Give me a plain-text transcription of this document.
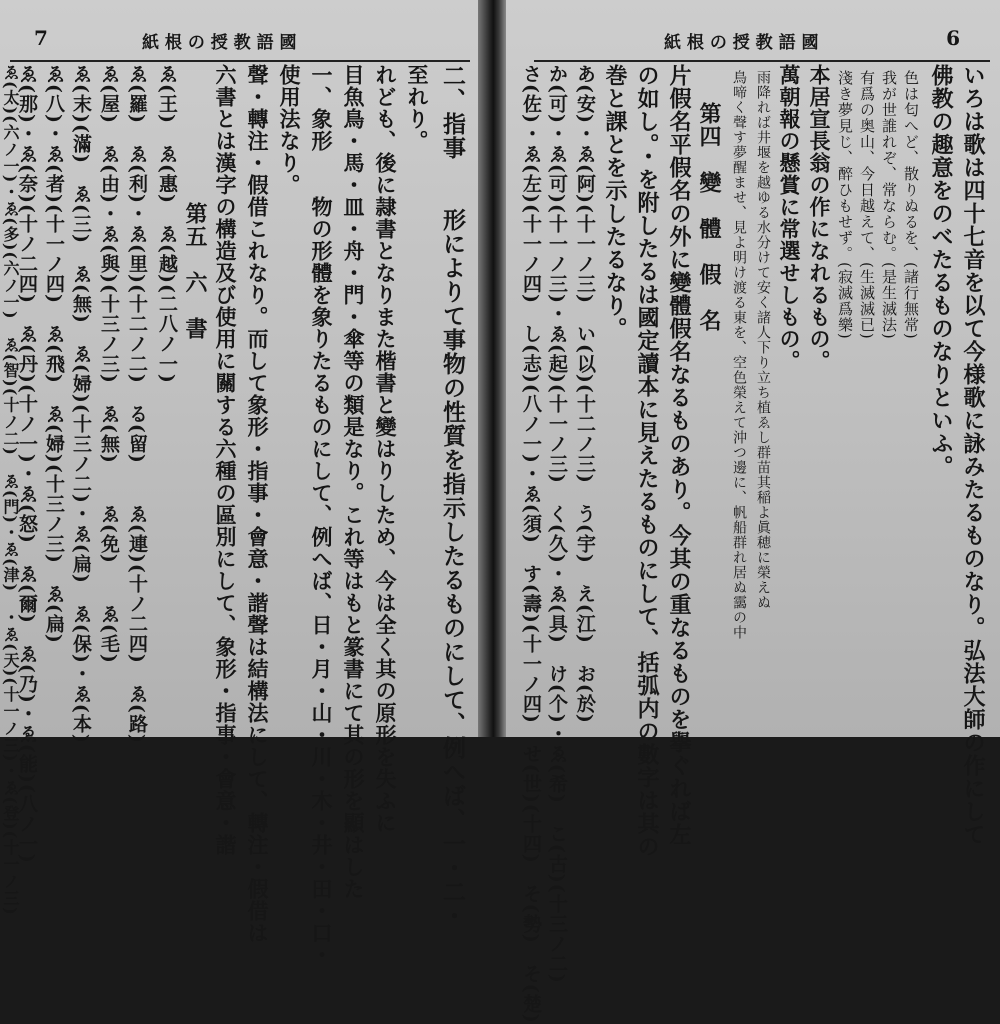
7	紙 根 の 授 教 語 國
二、指事　　形によりて事物の性質を指示したるものにして、例へば、一・二・
至れり。
れども、後に隷書となりまた楷書と變はりしため、今は全く其の原形を失ふに
目魚鳥・馬・皿・舟・門・傘等の類是なり。これ等はもと篆書にて其の形を顯はした
一、象形　　物の形體を象りたるものにして、例へば、日・月・山・川・木・井・田・口・
使用法なり。
聲・轉注・假借これなり。而して象形・指事・會意・諧聲は結構法にして、轉注・假借は
六書とは漢字の構造及び使用に關する六種の區別にして、象形・指事・會意・諧
第五　六　書
ゑ(王)　ゑ(惠)　ゑ(越)(二八ノ一)
ゑ(羅)　ゑ(利)・ゑ(里)(十二ノ二)　る(留)　　ゑ(連)(十ノ二四)　ゑ(路)
ゑ(屋)　ゑ(由)・ゑ(與)(十三ノ三)　ゑ(無)　　ゑ(免)　　ゑ(毛)
ゑ(末)(滿)　ゑ(三)　ゑ(無)　ゑ(婦)(十三ノ二)・ゑ(扁)　ゑ(保)・ゑ(本)
ゑ(八)・ゑ(者)(十一ノ四)　ゑ(飛)　ゑ(婦)(十三ノ三)　ゑ(扁)
ゑ(那)・ゑ(奈)(十ノ二四)　ゑ(丹)(十ノ一)・ゑ(怒)　ゑ(爾)　ゑ(乃)・ゑ(能)(八ノ一)
ゑ(太)(六ノ一)・ゑ(多)(六ノ一)　ゑ(智)(十ノ二)　ゑ(門)・ゑ(津)　・ゑ(天)(十一ノ三)・ゑ(登)(十一ノ三)
紙 根 の 授 教 語 國	6
いろは歌は四十七音を以て今様歌に詠みたるものなり。弘法大師の作にして
佛教の趣意をのべたるものなりといふ。
色は匂へど、散りぬるを、(諸行無常)
我が世誰れぞ、常ならむ。(是生滅法)
有爲の奥山、今日越えて、(生滅滅已)
淺き夢見じ、醉ひもせず。(寂滅爲樂)
本居宣長翁の作になれるもの。
萬朝報の懸賞に常選せしもの。
雨降れば井堰を越ゆる水分けて安く諸人下り立ち植ゑし群苗其稲よ眞穂に榮えぬ
鳥啼く聲す夢醒ませ、見よ明け渡る東を、空色榮えて沖つ邊に、帆船群れ居ぬ靄の中
第四　變　體　假　名
片假名平假名の外に變體假名なるものあり。今其の重なるものを擧ぐれば左
の如し。・を附したるは國定讀本に見えたるものにして、括弧内の數字は其の
巻と課とを示したるなり。
あ(安)・ゑ(阿)(十一ノ三)　い(以)(十二ノ三)　う(宇)　え(江)　お(於)
か(可)・ゑ(可)(十一ノ三)・ゑ(起)(十一ノ三)　く(久)・ゑ(具)　け(个)・ゑ(希)　こ(古)(十三ノ二)
さ(佐)・ゑ(左)(十一ノ四)　し(志)(八ノ一)・ゑ(須)　す(壽)(十一ノ四)　せ(世)(十四)　そ(勢)　そ(楚)
